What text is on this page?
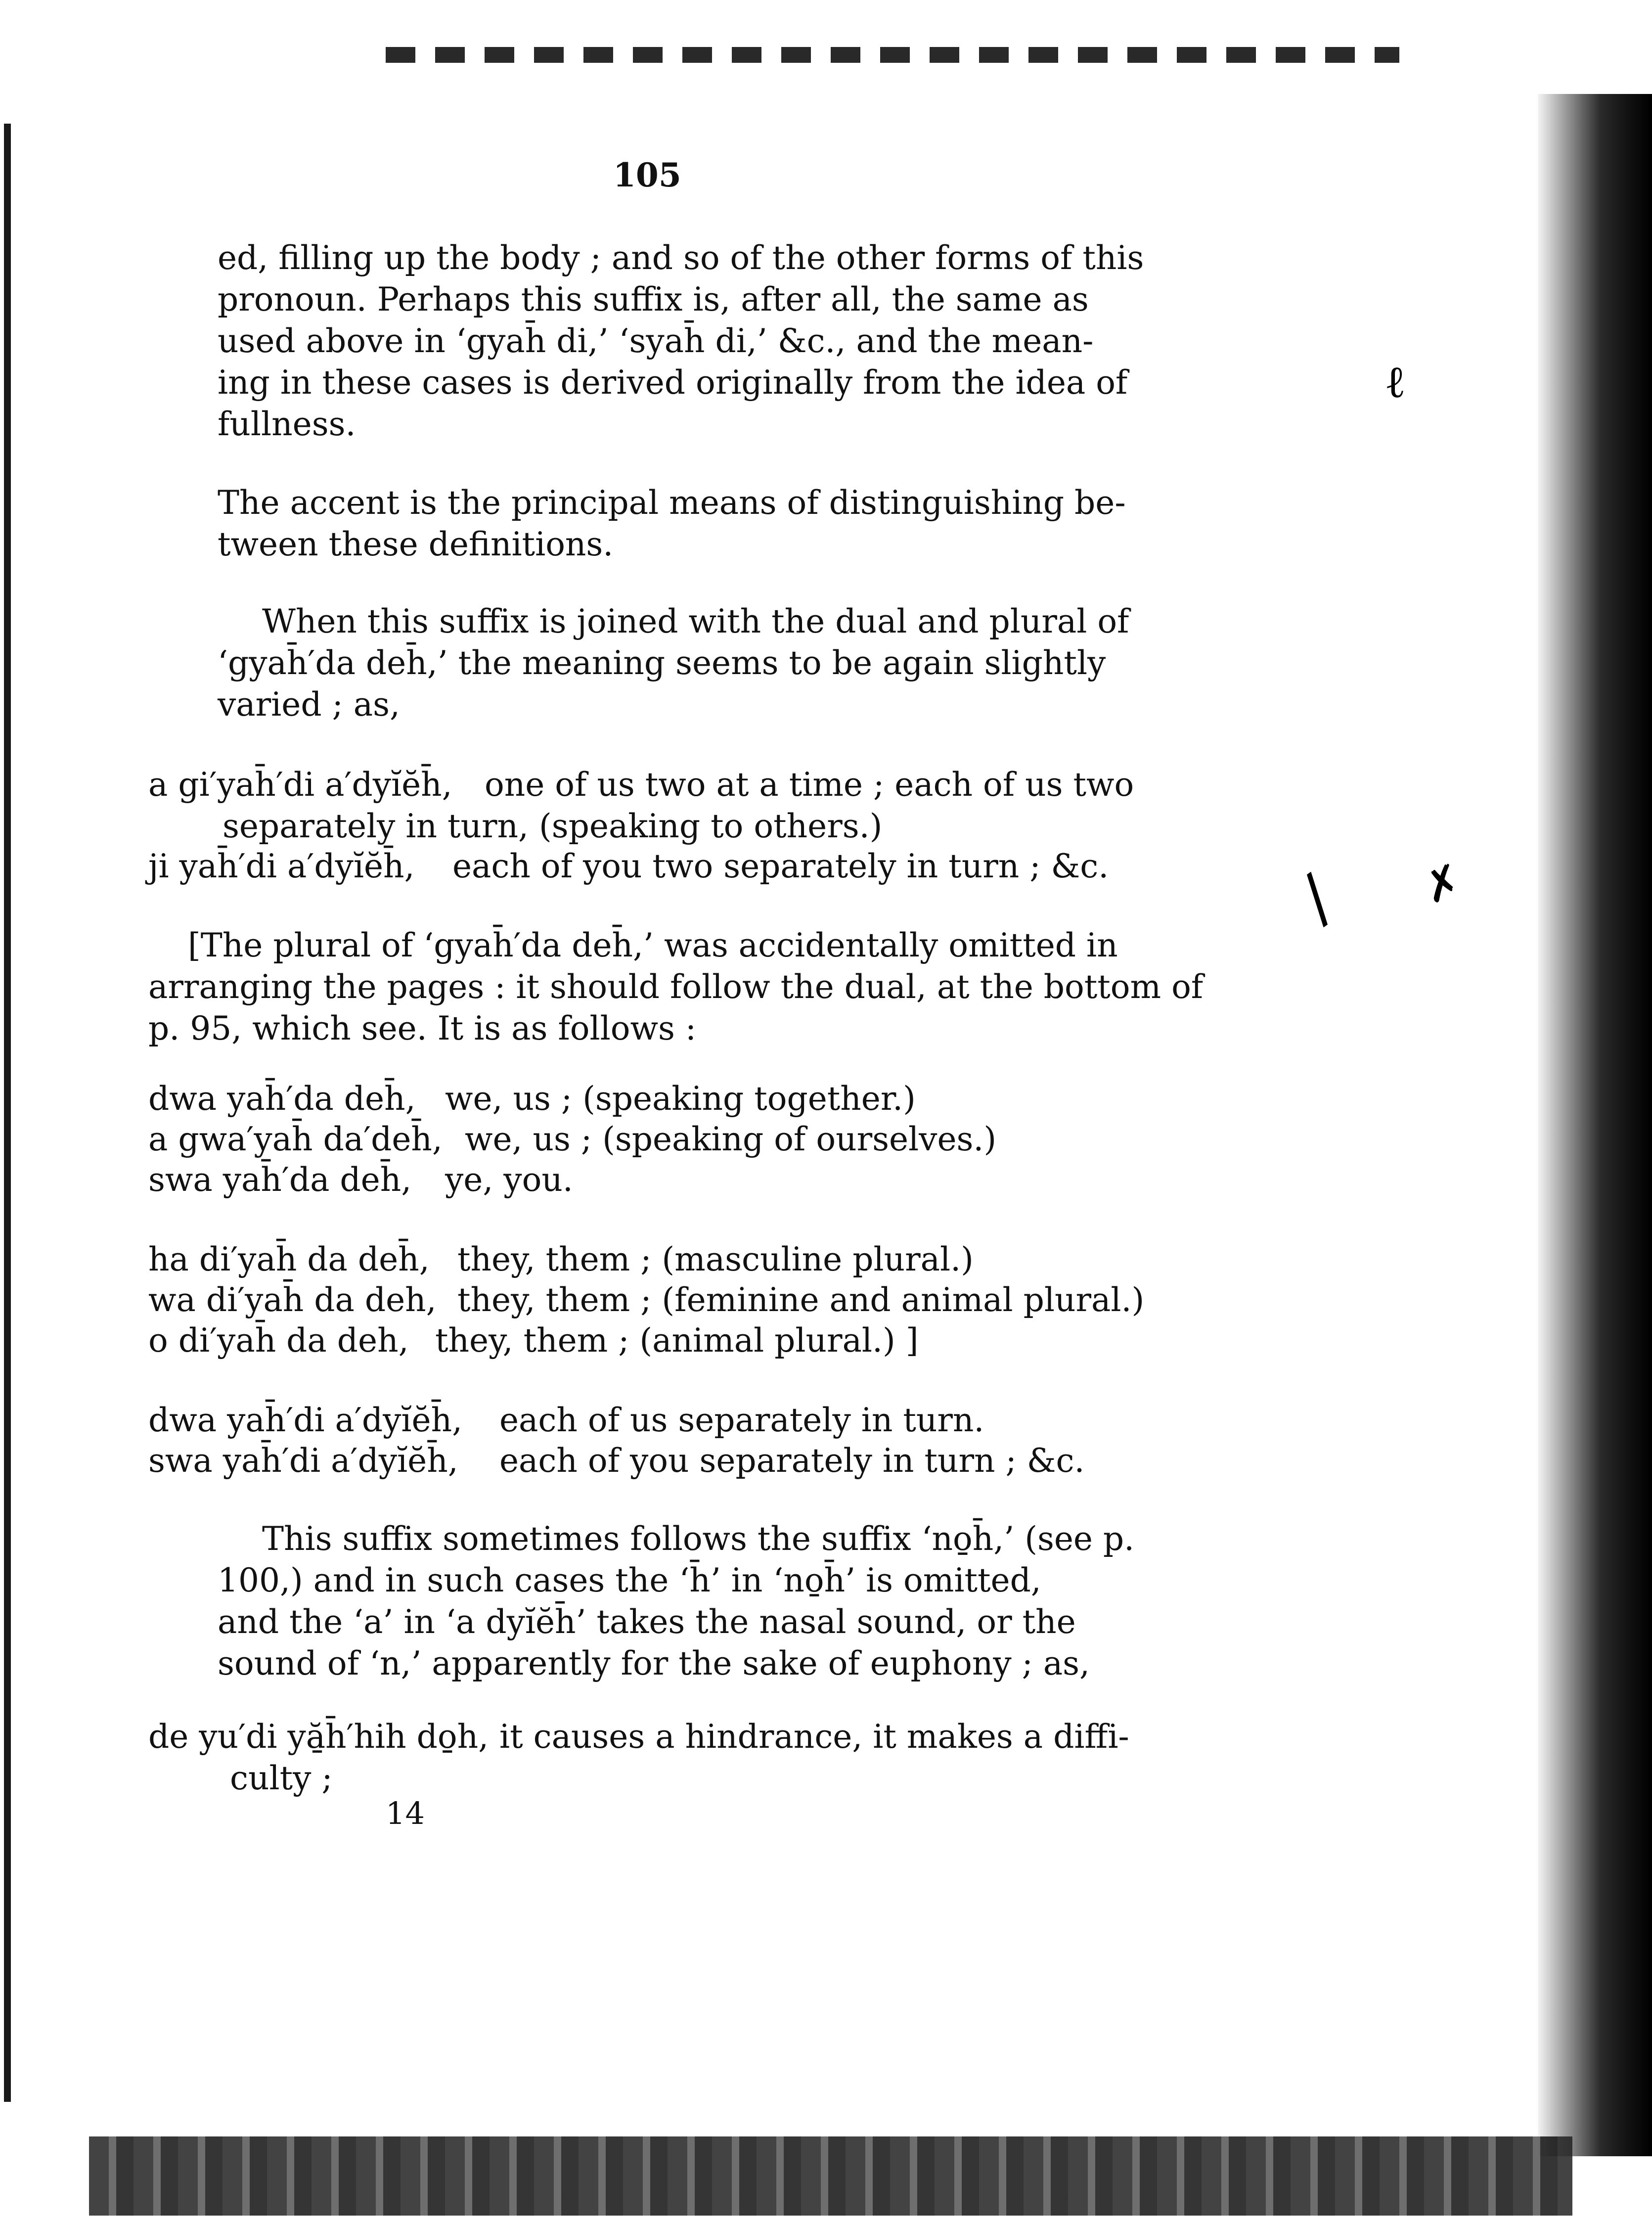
/ ✗
ℓ
105
ed, filling up the body ; and so of the other forms of this
pronoun. Perhaps this suffix is, after all, the same as
used above in ‘gyah̄ di,’ ‘syah̄ di,’ &c., and the mean-
ing in these cases is derived originally from the idea of
fullness.
The accent is the principal means of distinguishing be-
tween these definitions.
When this suffix is joined with the dual and plural of
‘gyah̄′da deh̄,’ the meaning seems to be again slightly
varied ; as,
a gi′yah̄′di a′dyĭĕh̄, one of us two at a time ; each of us two
separately in turn, (speaking to others.)
ji yah̄′di a′dyĭĕh̄, each of you two separately in turn ; &c.
[The plural of ‘gyah̄′da deh̄,’ was accidentally omitted in
arranging the pages : it should follow the dual, at the bottom of
p. 95, which see. It is as follows :
dwa yah̄′da deh̄, we, us ; (speaking together.)
a gwa′yah̄ da′deh̄, we, us ; (speaking of ourselves.)
swa yah̄′da deh̄, ye, you.
ha di′yah̄ da deh̄, they, them ; (masculine plural.)
wa di′yah̄ da deh, they, them ; (feminine and animal plural.)
o di′yah̄ da deh, they, them ; (animal plural.) ]
dwa yah̄′di a′dyĭĕh̄, each of us separately in turn.
swa yah̄′di a′dyĭĕh̄, each of you separately in turn ; &c.
This suffix sometimes follows the suffix ‘no̱h̄,’ (see p.
100,) and in such cases the ‘h̄’ in ‘no̱h̄’ is omitted,
and the ‘a’ in ‘a dyĭĕh̄’ takes the nasal sound, or the
sound of ‘n,’ apparently for the sake of euphony ; as,
de yu′di yă̱h̄′hih do̱h, it causes a hindrance, it makes a diffi-
culty ;
14
